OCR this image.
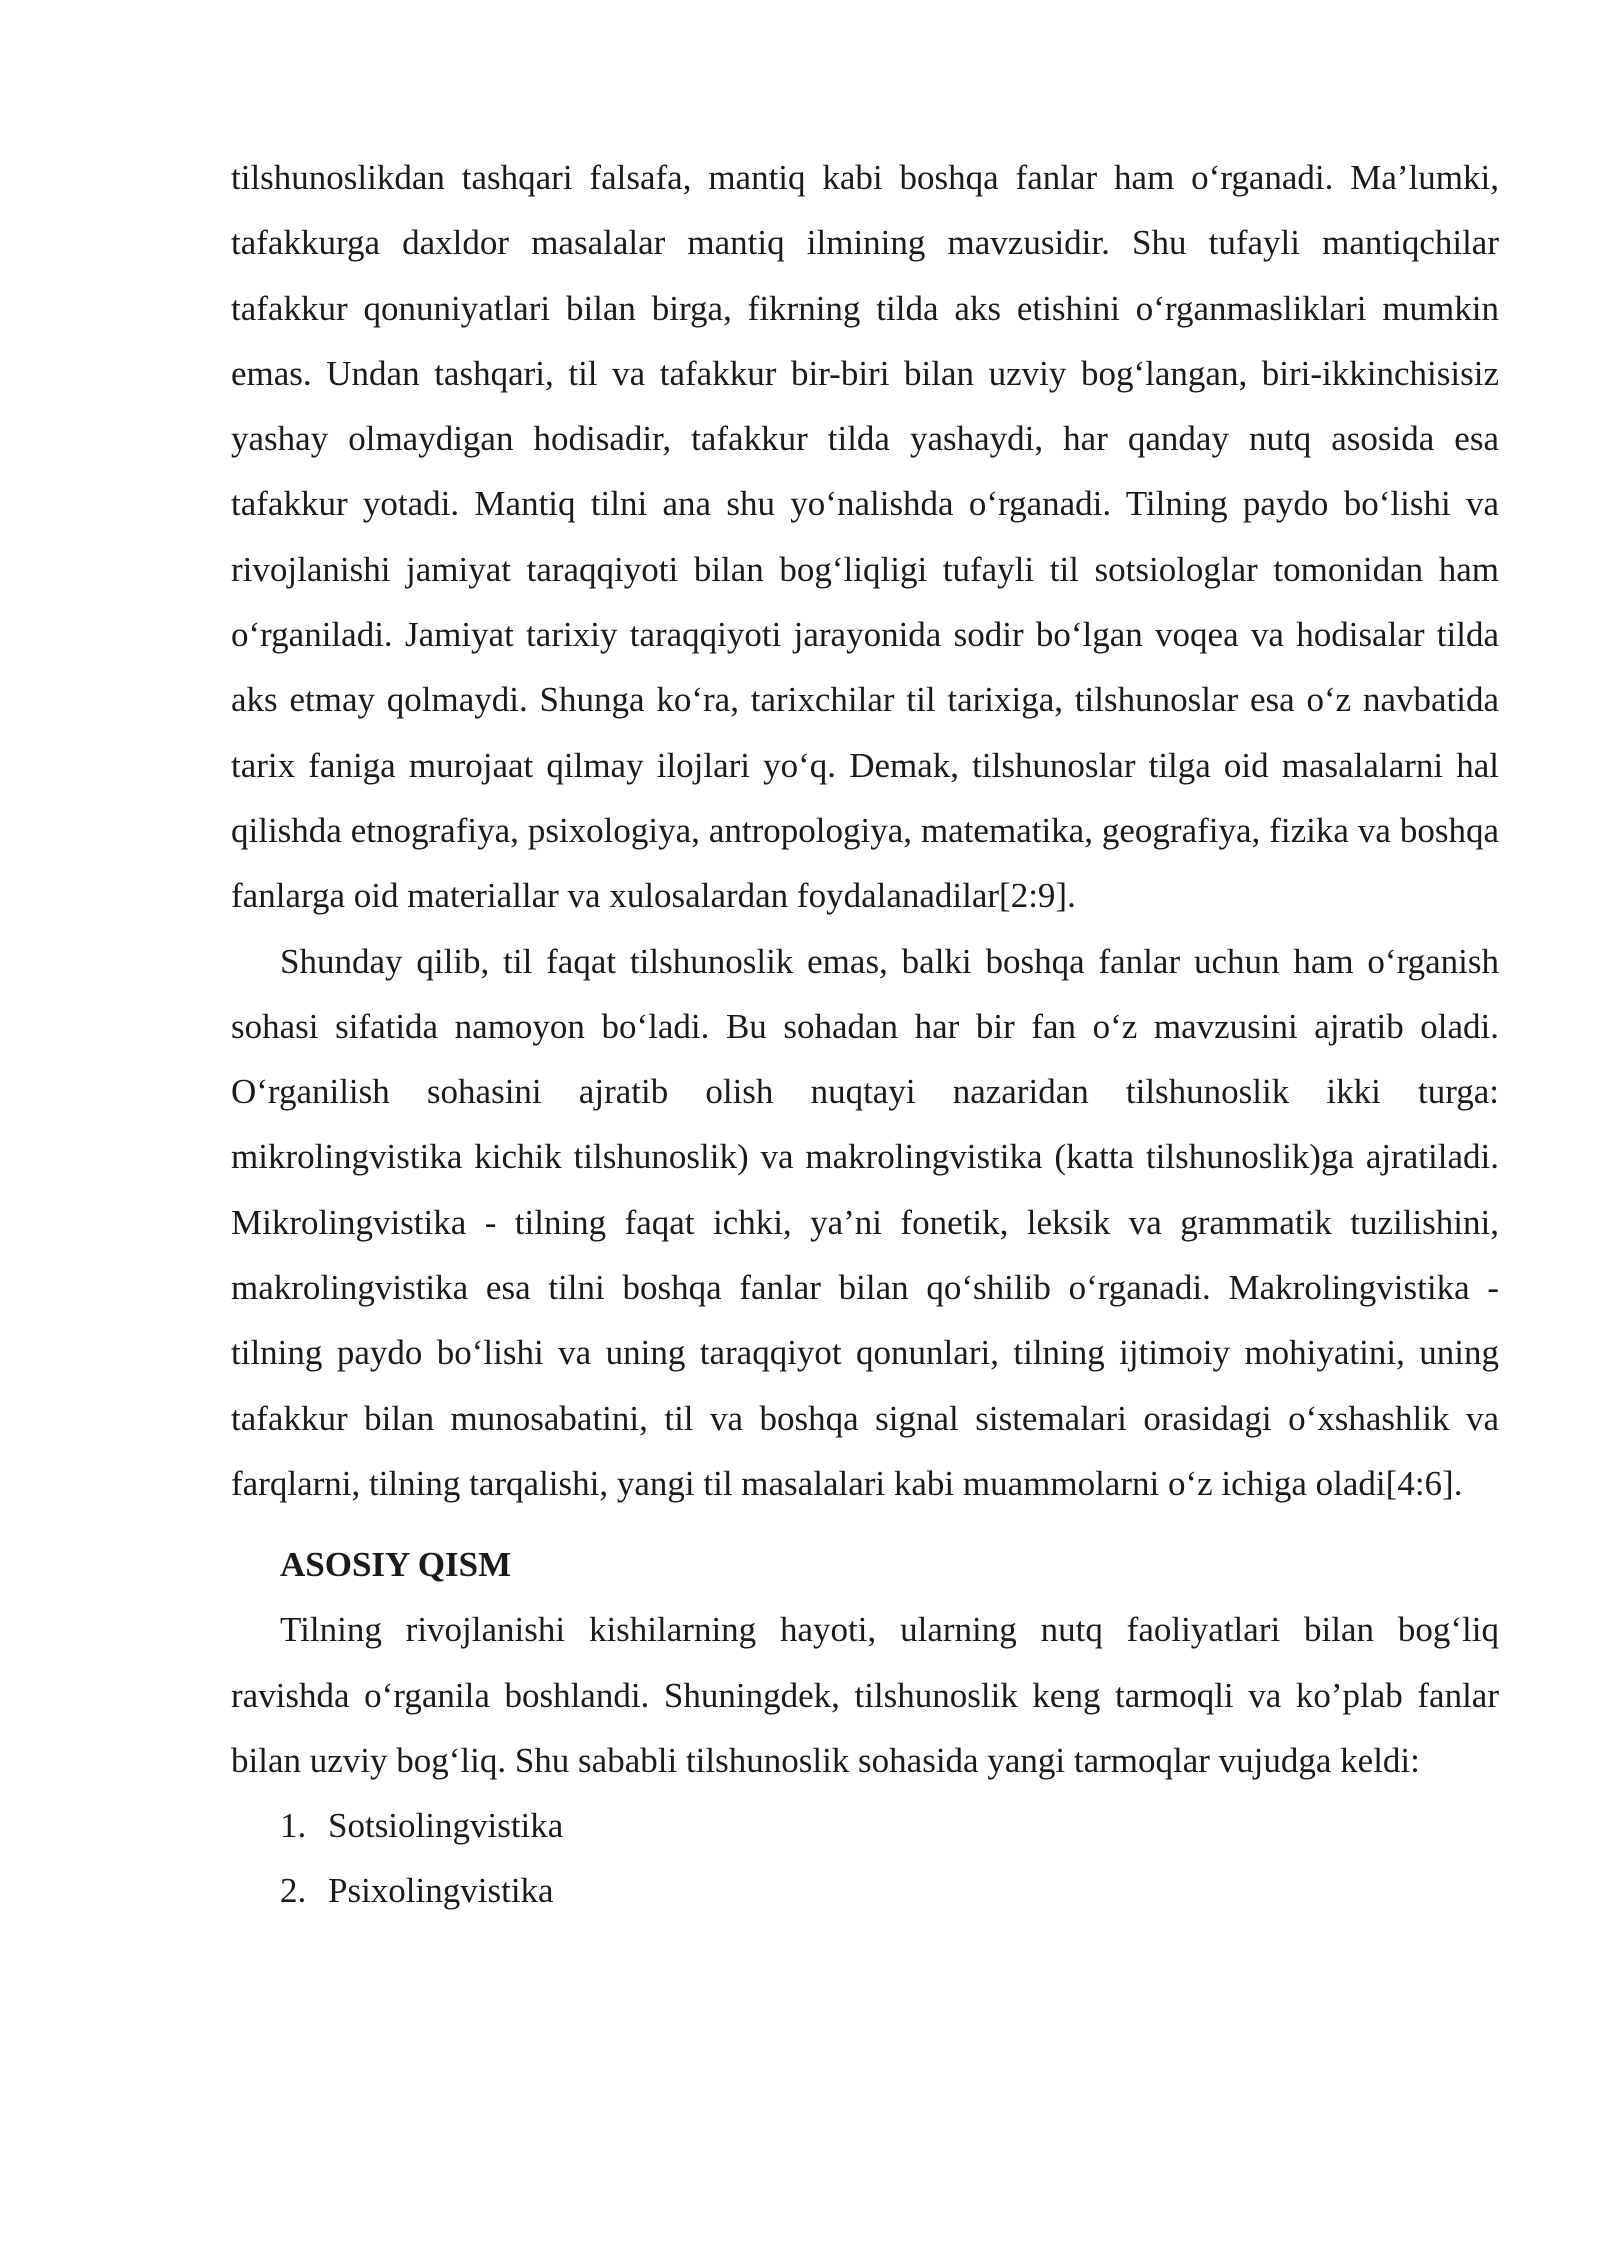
tilshunoslikdan tashqari falsafa, mantiq kabi boshqa fanlar ham o‘rganadi. Ma’lumki, tafakkurga daxldor masalalar mantiq ilmining mavzusidir. Shu tufayli mantiqchilar tafakkur qonuniyatlari bilan birga, fikrning tilda aks etishini o‘rganmasliklari mumkin emas. Undan tashqari, til va tafakkur bir-biri bilan uzviy bog‘langan, biri-ikkinchisisiz yashay olmaydigan hodisadir, tafakkur tilda yashaydi, har qanday nutq asosida esa tafakkur yotadi. Mantiq tilni ana shu yo‘nalishda o‘rganadi. Tilning paydo bo‘lishi va rivojlanishi jamiyat taraqqiyoti bilan bog‘liqligi tufayli til sotsiologlar tomonidan ham o‘rganiladi. Jamiyat tarixiy taraqqiyoti jarayonida sodir bo‘lgan voqea va hodisalar tilda aks etmay qolmaydi. Shunga ko‘ra, tarixchilar til tarixiga, tilshunoslar esa o‘z navbatida tarix faniga murojaat qilmay ilojlari yo‘q. Demak, tilshunoslar tilga oid masalalarni hal qilishda etnografiya, psixologiya, antropologiya, matematika, geografiya, fizika va boshqa fanlarga oid materiallar va xulosalardan foydalanadilar[2:9].

Shunday qilib, til faqat tilshunoslik emas, balki boshqa fanlar uchun ham o‘rganish sohasi sifatida namoyon bo‘ladi. Bu sohadan har bir fan o‘z mavzusini ajratib oladi. O‘rganilish sohasini ajratib olish nuqtayi nazaridan tilshunoslik ikki turga: mikrolingvistika kichik tilshunoslik) va makrolingvistika (katta tilshunoslik)ga ajratiladi. Mikrolingvistika - tilning faqat ichki, ya’ni fonetik, leksik va grammatik tuzilishini, makrolingvistika esa tilni boshqa fanlar bilan qo‘shilib o‘rganadi. Makrolingvistika - tilning paydo bo‘lishi va uning taraqqiyot qonunlari, tilning ijtimoiy mohiyatini, uning tafakkur bilan munosabatini, til va boshqa signal sistemalari orasidagi o‘xshashlik va farqlarni, tilning tarqalishi, yangi til masalalari kabi muammolarni o‘z ichiga oladi[4:6].

ASOSIY QISM

Tilning rivojlanishi kishilarning hayoti, ularning nutq faoliyatlari bilan bog‘liq ravishda o‘rganila boshlandi. Shuningdek, tilshunoslik keng tarmoqli va ko’plab fanlar bilan uzviy bog‘liq. Shu sababli tilshunoslik sohasida yangi tarmoqlar vujudga keldi:

1. Sotsiolingvistika
2. Psixolingvistika
